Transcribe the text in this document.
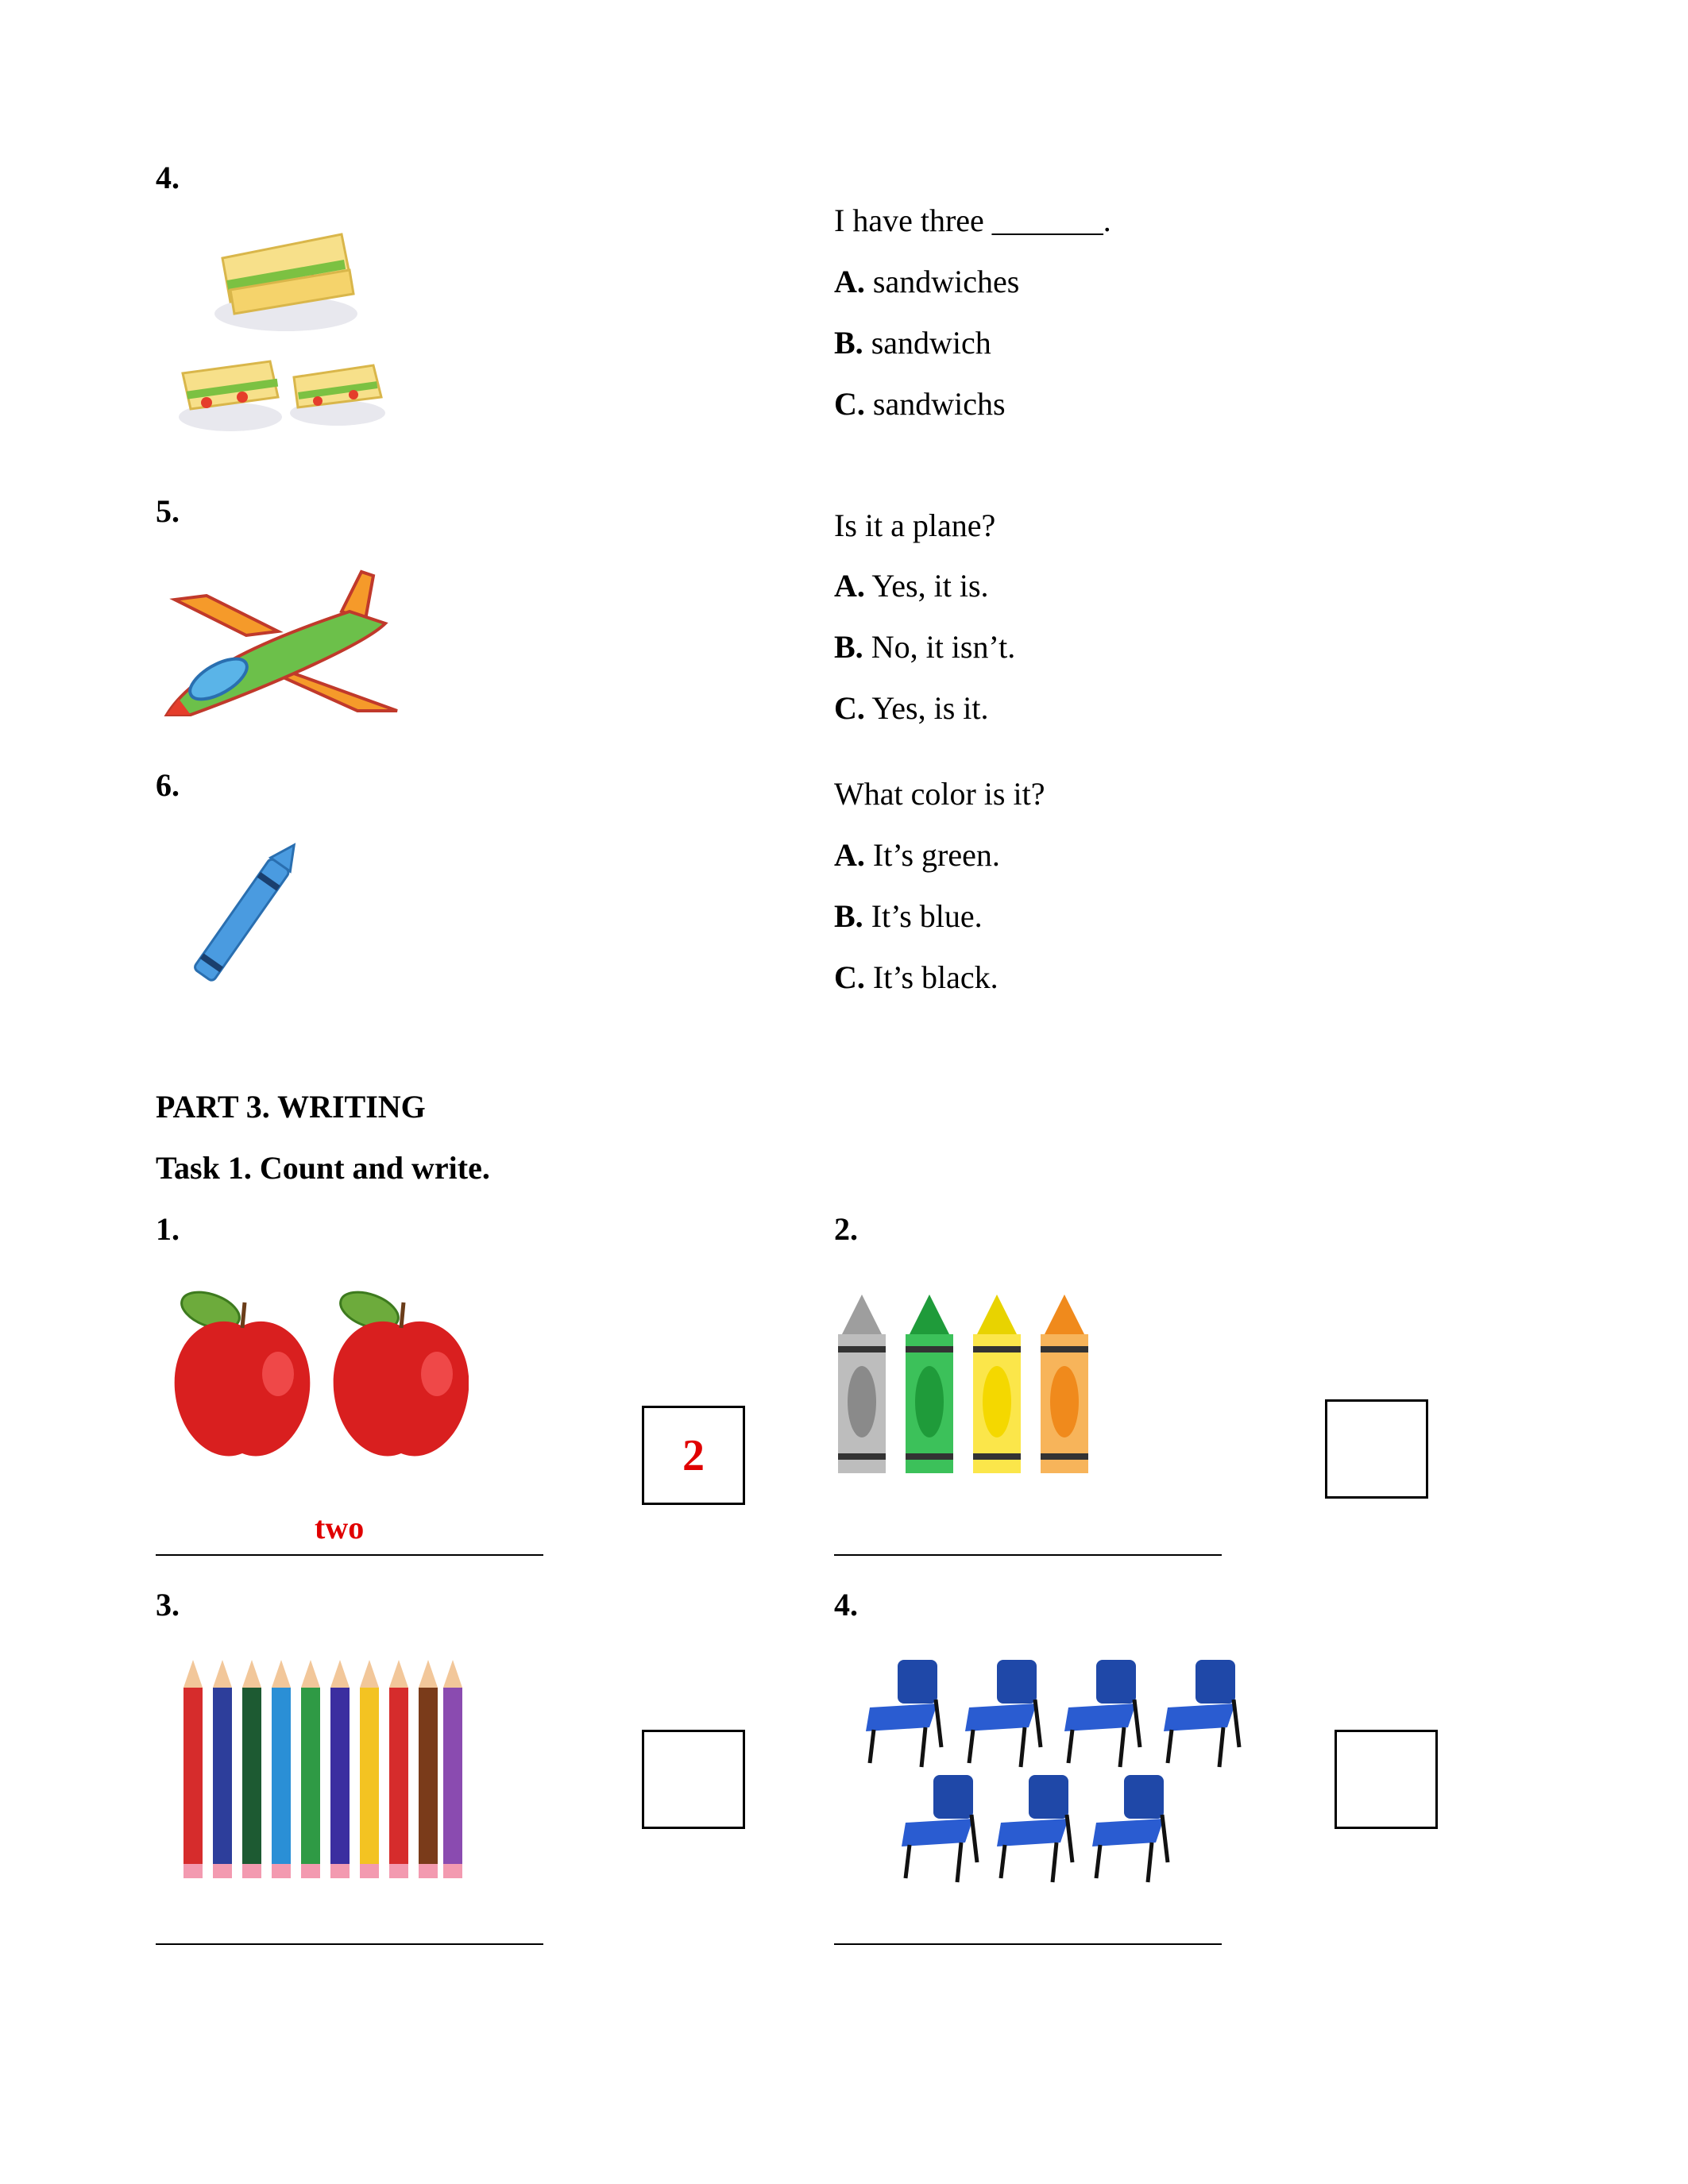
4.
I have three _______.
A. sandwiches
B. sandwich
C. sandwichs
5.	Is it a plane?
A. Yes, it is.
B. No, it isn’t.
C. Yes, is it.
6.	What color is it?
A. It’s green.
B. It’s blue.
C. It’s black.
PART 3. WRITING
Task 1. Count and write.
1.
2
two
2.
3.	4.
